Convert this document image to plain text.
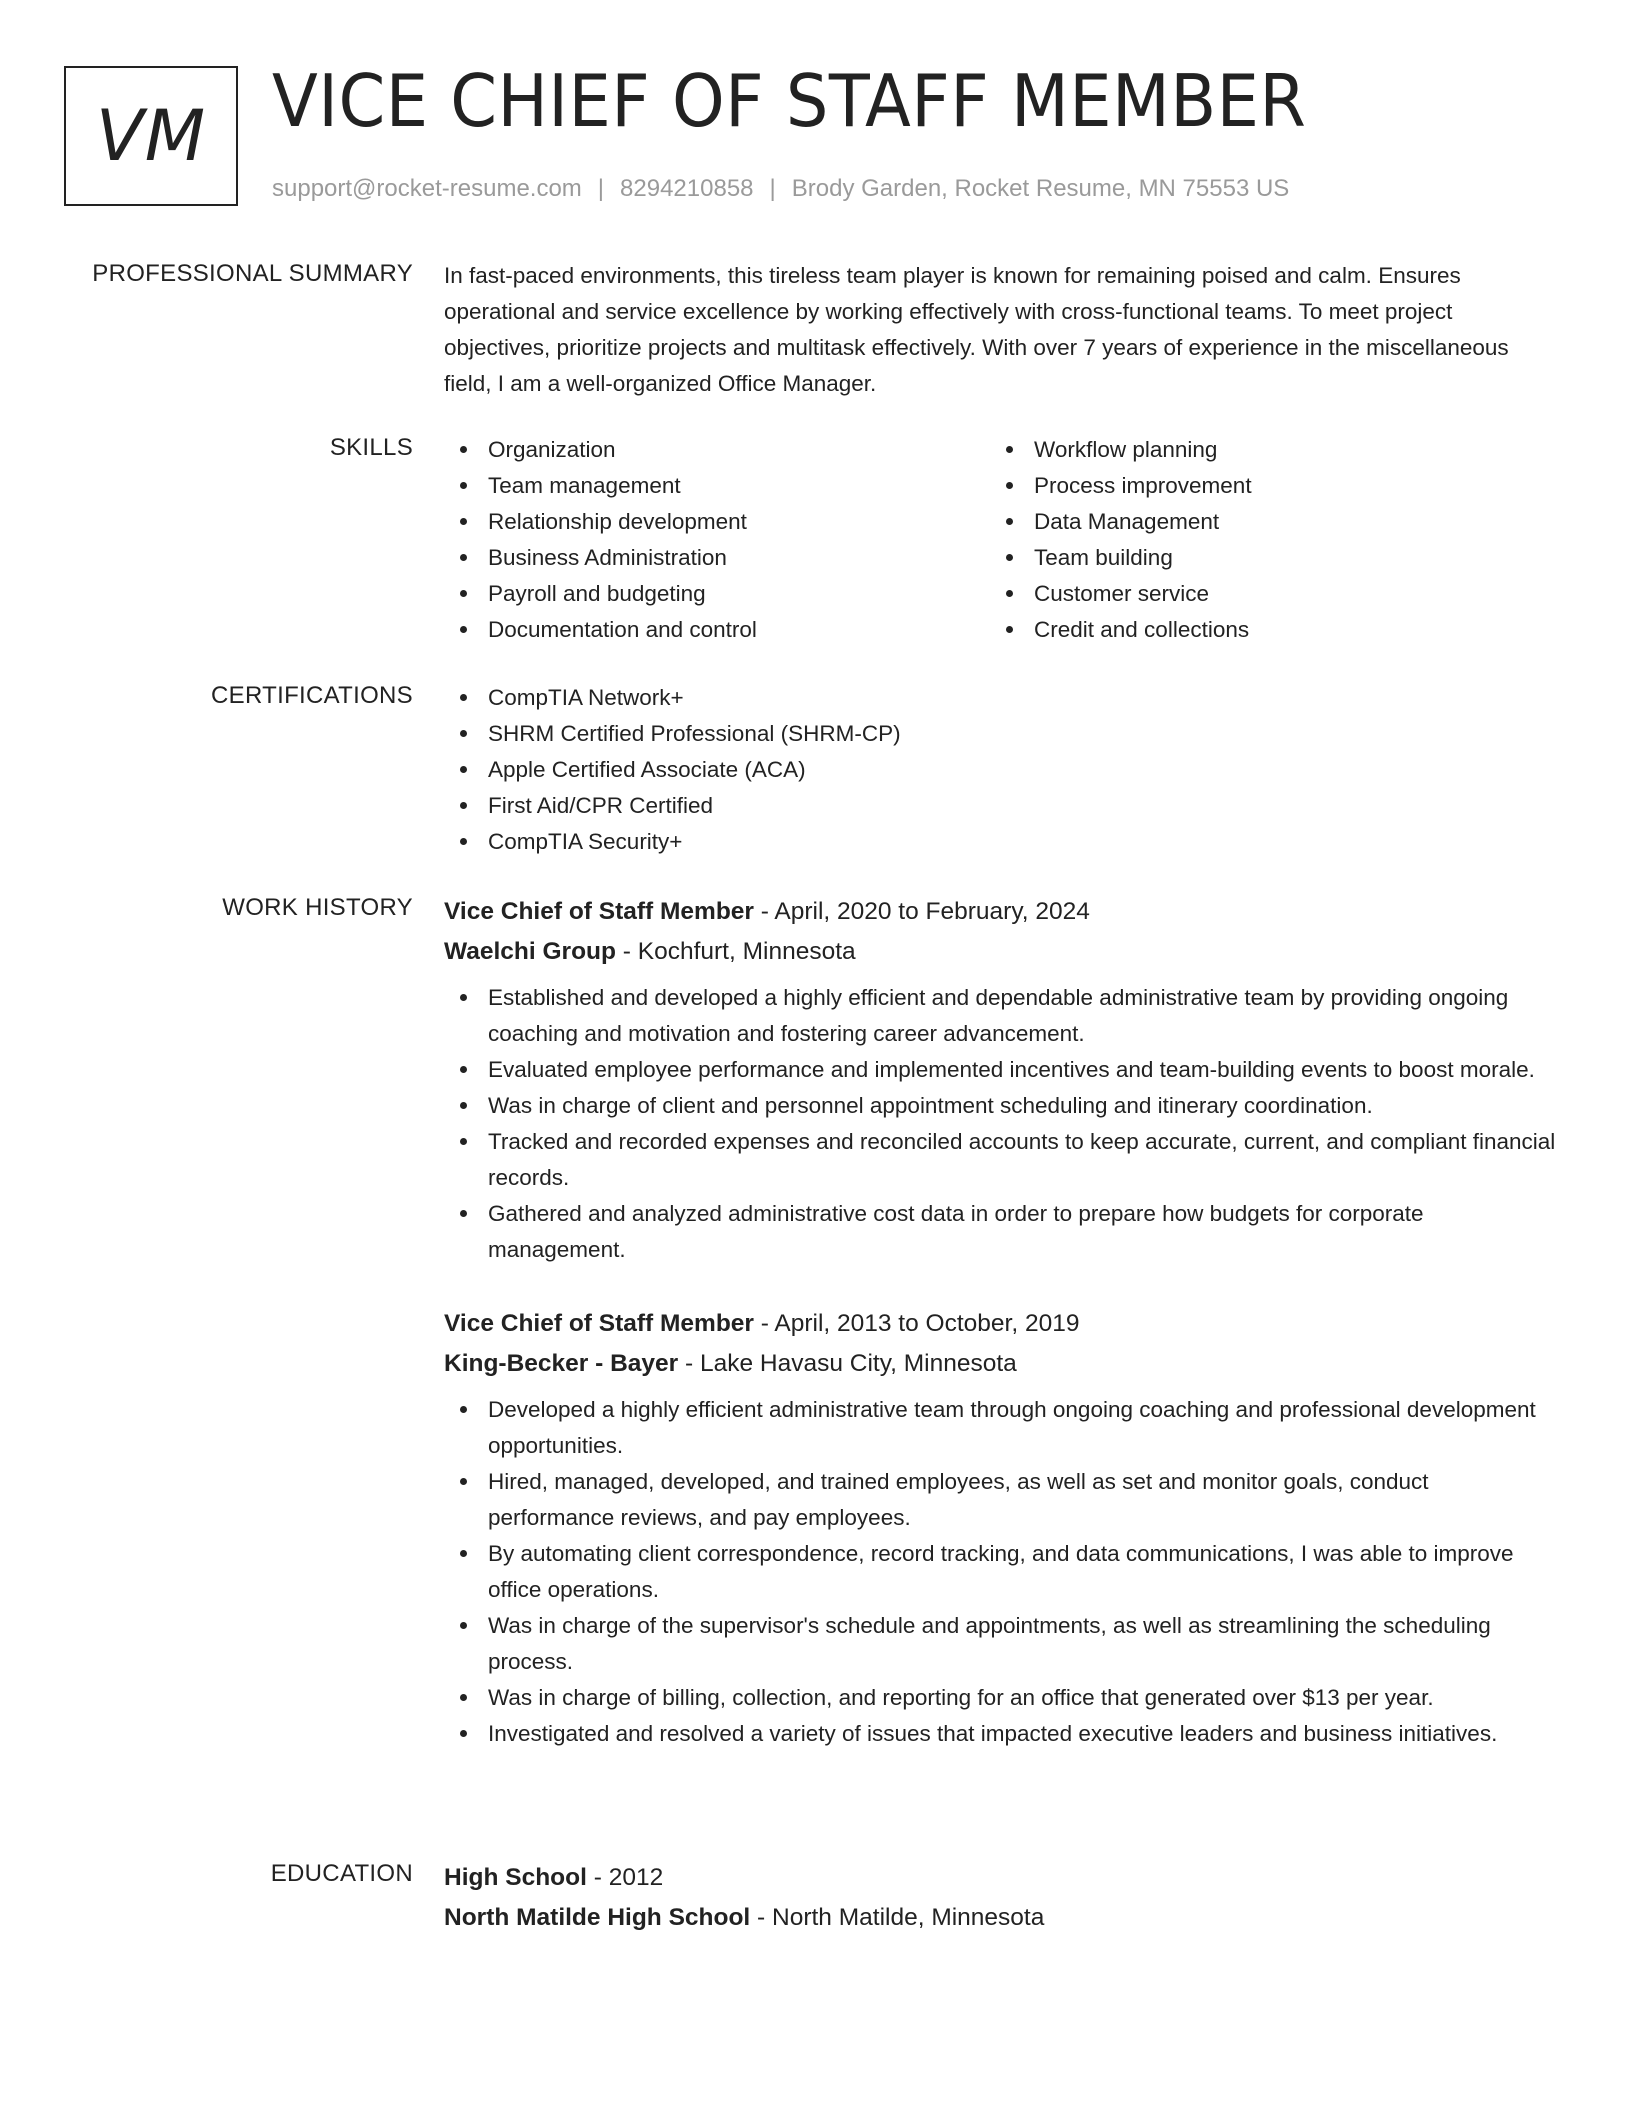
VM VICE CHIEF OF STAFF MEMBER
support@rocket-resume.com | 8294210858 | Brody Garden, Rocket Resume, MN 75553 US
PROFESSIONAL SUMMARY In fast-paced environments, this tireless team player is known for remaining poised and calm. Ensures operational and service excellence by working effectively with cross-functional teams. To meet project objectives, prioritize projects and multitask effectively. With over 7 years of experience in the miscellaneous field, I am a well-organized Office Manager.

SKILLS	Organization
Team management
Relationship development
Business Administration
Payroll and budgeting
Documentation and control
Workflow planning
Process improvement
Data Management
Team building
Customer service
Credit and collections
CERTIFICATIONS	CompTIA Network+
SHRM Certified Professional (SHRM-CP)
Apple Certified Associate (ACA)
First Aid/CPR Certified
CompTIA Security+
WORK HISTORY Vice Chief of Staff Member - April, 2020 to February, 2024
Waelchi Group - Kochfurt, Minnesota
Established and developed a highly efficient and dependable administrative team by providing ongoing coaching and motivation and fostering career advancement.
Evaluated employee performance and implemented incentives and team-building events to boost morale.
Was in charge of client and personnel appointment scheduling and itinerary coordination.
Tracked and recorded expenses and reconciled accounts to keep accurate, current, and compliant financial records.
Gathered and analyzed administrative cost data in order to prepare how budgets for corporate management.
Vice Chief of Staff Member - April, 2013 to October, 2019
King-Becker - Bayer - Lake Havasu City, Minnesota
Developed a highly efficient administrative team through ongoing coaching and professional development opportunities.
Hired, managed, developed, and trained employees, as well as set and monitor goals, conduct performance reviews, and pay employees.
By automating client correspondence, record tracking, and data communications, I was able to improve office operations.
Was in charge of the supervisor's schedule and appointments, as well as streamlining the scheduling process.
Was in charge of billing, collection, and reporting for an office that generated over $13 per year.
Investigated and resolved a variety of issues that impacted executive leaders and business initiatives.
EDUCATION High School - 2012
North Matilde High School - North Matilde, Minnesota
